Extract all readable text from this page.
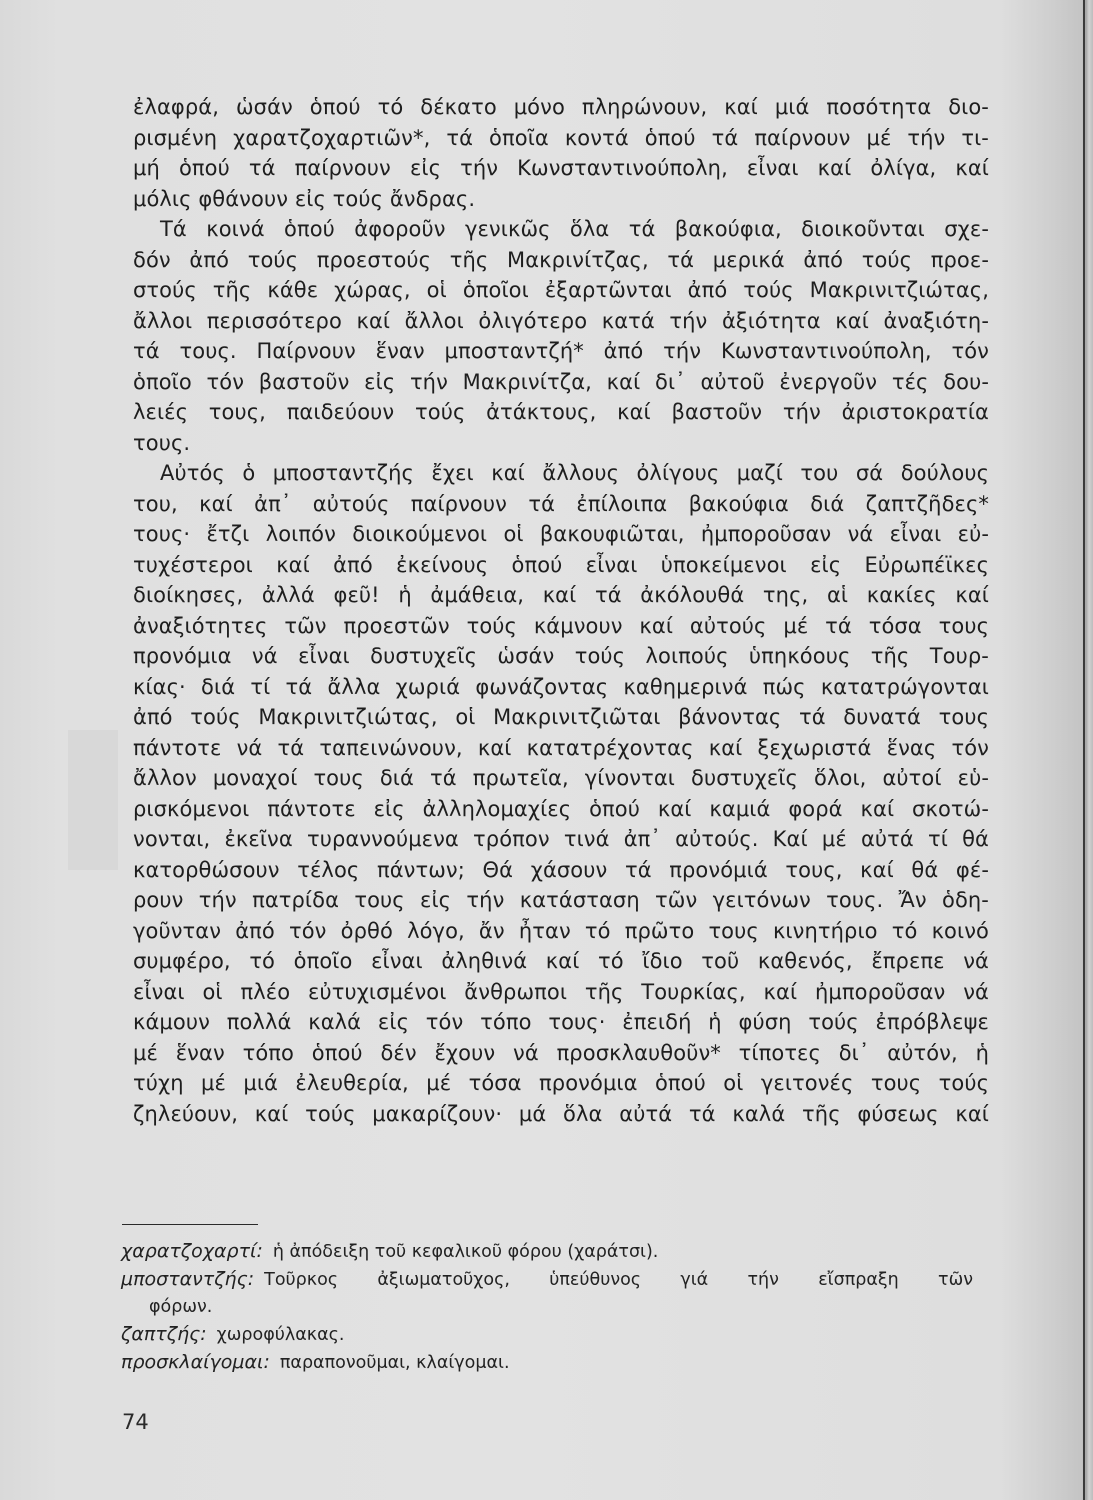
ἐλαφρά, ὡσάν ὁπού τό δέκατο μόνο πληρώνουν, καί μιά ποσότητα διο-
ρισμένη χαρατζοχαρτιῶν*, τά ὁποῖα κοντά ὁπού τά παίρνουν μέ τήν τι-
μή ὁπού τά παίρνουν εἰς τήν Κωνσταντινούπολη, εἶναι καί ὀλίγα, καί
μόλις φθάνουν εἰς τούς ἄνδρας.
Τά κοινά ὁπού ἀφοροῦν γενικῶς ὅλα τά βακούφια, διοικοῦνται σχε-
δόν ἀπό τούς προεστούς τῆς Μακρινίτζας, τά μερικά ἀπό τούς προε-
στούς τῆς κάθε χώρας, οἱ ὁποῖοι ἐξαρτῶνται ἀπό τούς Μακρινιτζιώτας,
ἄλλοι περισσότερο καί ἄλλοι ὀλιγότερο κατά τήν ἀξιότητα καί ἀναξιότη-
τά τους. Παίρνουν ἕναν μποσταντζή* ἀπό τήν Κωνσταντινούπολη, τόν
ὁποῖο τόν βαστοῦν εἰς τήν Μακρινίτζα, καί δι᾽ αὐτοῦ ἐνεργοῦν τές δου-
λειές τους, παιδεύουν τούς ἀτάκτους, καί βαστοῦν τήν ἀριστοκρατία
τους.
Αὐτός ὁ μποσταντζής ἔχει καί ἄλλους ὀλίγους μαζί του σά δούλους
του, καί ἀπ᾽ αὐτούς παίρνουν τά ἐπίλοιπα βακούφια διά ζαπτζῆδες*
τους· ἔτζι λοιπόν διοικούμενοι οἱ βακουφιῶται, ἠμποροῦσαν νά εἶναι εὐ-
τυχέστεροι καί ἀπό ἐκείνους ὁπού εἶναι ὑποκείμενοι εἰς Εὐρωπέϊκες
διοίκησες, ἀλλά φεῦ! ἡ ἀμάθεια, καί τά ἀκόλουθά της, αἱ κακίες καί
ἀναξιότητες τῶν προεστῶν τούς κάμνουν καί αὐτούς μέ τά τόσα τους
προνόμια νά εἶναι δυστυχεῖς ὡσάν τούς λοιπούς ὑπηκόους τῆς Τουρ-
κίας· διά τί τά ἄλλα χωριά φωνάζοντας καθημερινά πώς κατατρώγονται
ἀπό τούς Μακρινιτζιώτας, οἱ Μακρινιτζιῶται βάνοντας τά δυνατά τους
πάντοτε νά τά ταπεινώνουν, καί κατατρέχοντας καί ξεχωριστά ἕνας τόν
ἄλλον μοναχοί τους διά τά πρωτεῖα, γίνονται δυστυχεῖς ὅλοι, αὐτοί εὑ-
ρισκόμενοι πάντοτε εἰς ἀλληλομαχίες ὁπού καί καμιά φορά καί σκοτώ-
νονται, ἐκεῖνα τυραννούμενα τρόπον τινά ἀπ᾽ αὐτούς. Καί μέ αὐτά τί θά
κατορθώσουν τέλος πάντων; Θά χάσουν τά προνόμιά τους, καί θά φέ-
ρουν τήν πατρίδα τους εἰς τήν κατάσταση τῶν γειτόνων τους. Ἄν ὁδη-
γοῦνταν ἀπό τόν ὀρθό λόγο, ἄν ἦταν τό πρῶτο τους κινητήριο τό κοινό
συμφέρο, τό ὁποῖο εἶναι ἀληθινά καί τό ἴδιο τοῦ καθενός, ἔπρεπε νά
εἶναι οἱ πλέο εὐτυχισμένοι ἄνθρωποι τῆς Τουρκίας, καί ἠμποροῦσαν νά
κάμουν πολλά καλά εἰς τόν τόπο τους· ἐπειδή ἡ φύση τούς ἐπρόβλεψε
μέ ἕναν τόπο ὁπού δέν ἔχουν νά προσκλαυθοῦν* τίποτες δι᾽ αὐτόν, ἡ
τύχη μέ μιά ἐλευθερία, μέ τόσα προνόμια ὁπού οἱ γειτονές τους τούς
ζηλεύουν, καί τούς μακαρίζουν· μά ὅλα αὐτά τά καλά τῆς φύσεως καί
χαρατζοχαρτί: ἡ ἀπόδειξη τοῦ κεφαλικοῦ φόρου (χαράτσι).
μποσταντζής: Τοῦρκος ἀξιωματοῦχος, ὑπεύθυνος γιά τήν εἴσπραξη τῶν
φόρων.
ζαπτζής: χωροφύλακας.
προσκλαίγομαι: παραπονοῦμαι, κλαίγομαι.
74
